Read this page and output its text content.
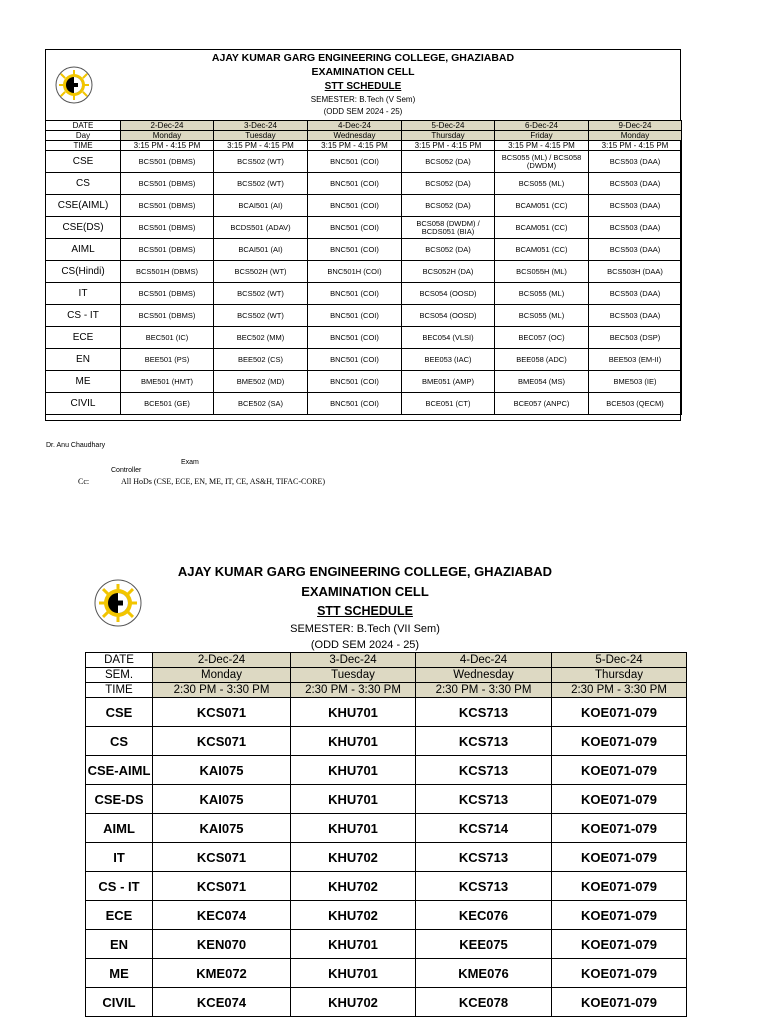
AJAY KUMAR GARG ENGINEERING COLLEGE, GHAZIABAD
EXAMINATION CELL
STT SCHEDULE
SEMESTER: B.Tech (V Sem)
(ODD SEM 2024 - 25)
DATE	2-Dec-24	3-Dec-24	4-Dec-24	5-Dec-24	6-Dec-24	9-Dec-24
Day	Monday	Tuesday	Wednesday	Thursday	Friday	Monday
TIME	3:15 PM - 4:15 PM	3:15 PM - 4:15 PM	3:15 PM - 4:15 PM	3:15 PM - 4:15 PM	3:15 PM - 4:15 PM	3:15 PM - 4:15 PM
CSE	BCS501 (DBMS)	BCS502 (WT)	BNC501 (COI)	BCS052 (DA)	BCS055 (ML) / BCS058 (DWDM)	BCS503 (DAA)
CS	BCS501 (DBMS)	BCS502 (WT)	BNC501 (COI)	BCS052 (DA)	BCS055 (ML)	BCS503 (DAA)
CSE(AIML)	BCS501 (DBMS)	BCAI501 (AI)	BNC501 (COI)	BCS052 (DA)	BCAM051 (CC)	BCS503 (DAA)
CSE(DS)	BCS501 (DBMS)	BCDS501 (ADAV)	BNC501 (COI)	BCS058 (DWDM) / BCDS051 (BIA)	BCAM051 (CC)	BCS503 (DAA)
AIML	BCS501 (DBMS)	BCAI501 (AI)	BNC501 (COI)	BCS052 (DA)	BCAM051 (CC)	BCS503 (DAA)
CS(Hindi)	BCS501H (DBMS)	BCS502H (WT)	BNC501H (COI)	BCS052H (DA)	BCS055H (ML)	BCS503H (DAA)
IT	BCS501 (DBMS)	BCS502 (WT)	BNC501 (COI)	BCS054 (OOSD)	BCS055 (ML)	BCS503 (DAA)
CS - IT	BCS501 (DBMS)	BCS502 (WT)	BNC501 (COI)	BCS054 (OOSD)	BCS055 (ML)	BCS503 (DAA)
ECE	BEC501 (IC)	BEC502 (MM)	BNC501 (COI)	BEC054 (VLSI)	BEC057 (OC)	BEC503 (DSP)
EN	BEE501 (PS)	BEE502 (CS)	BNC501 (COI)	BEE053 (IAC)	BEE058 (ADC)	BEE503 (EM-II)
ME	BME501 (HMT)	BME502 (MD)	BNC501 (COI)	BME051 (AMP)	BME054 (MS)	BME503 (IE)
CIVIL	BCE501 (GE)	BCE502 (SA)	BNC501 (COI)	BCE051 (CT)	BCE057 (ANPC)	BCE503 (QECM)
Dr. Anu Chaudhary
Exam
Controller
Cc:	All HoDs (CSE, ECE, EN, ME, IT, CE, AS&H, TIFAC-CORE)
AJAY KUMAR GARG ENGINEERING COLLEGE, GHAZIABAD
EXAMINATION CELL
STT SCHEDULE
SEMESTER: B.Tech (VII Sem)
(ODD SEM 2024 - 25)
DATE	2-Dec-24	3-Dec-24	4-Dec-24	5-Dec-24
SEM.	Monday	Tuesday	Wednesday	Thursday
TIME	2:30 PM - 3:30 PM	2:30 PM - 3:30 PM	2:30 PM - 3:30 PM	2:30 PM - 3:30 PM
CSE	KCS071	KHU701	KCS713	KOE071-079
CS	KCS071	KHU701	KCS713	KOE071-079
CSE-AIML	KAI075	KHU701	KCS713	KOE071-079
CSE-DS	KAI075	KHU701	KCS713	KOE071-079
AIML	KAI075	KHU701	KCS714	KOE071-079
IT	KCS071	KHU702	KCS713	KOE071-079
CS - IT	KCS071	KHU702	KCS713	KOE071-079
ECE	KEC074	KHU702	KEC076	KOE071-079
EN	KEN070	KHU701	KEE075	KOE071-079
ME	KME072	KHU701	KME076	KOE071-079
CIVIL	KCE074	KHU702	KCE078	KOE071-079
